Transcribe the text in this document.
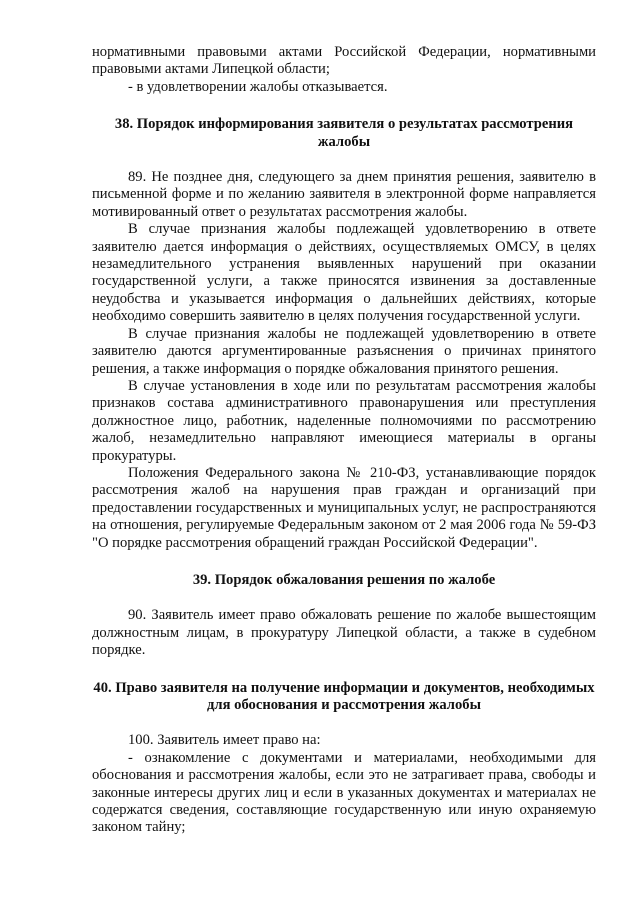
нормативными правовыми актами Российской Федерации, нормативными правовыми актами Липецкой области;

- в удовлетворении жалобы отказывается.

38. Порядок информирования заявителя о результатах рассмотрения жалобы

89. Не позднее дня, следующего за днем принятия решения, заявителю в письменной форме и по желанию заявителя в электронной форме направляется мотивированный ответ о результатах рассмотрения жалобы.

В случае признания жалобы подлежащей удовлетворению в ответе заявителю дается информация о действиях, осуществляемых ОМСУ, в целях незамедлительного устранения выявленных нарушений при оказании государственной услуги, а также приносятся извинения за доставленные неудобства и указывается информация о дальнейших действиях, которые необходимо совершить заявителю в целях получения государственной услуги.

В случае признания жалобы не подлежащей удовлетворению в ответе заявителю даются аргументированные разъяснения о причинах принятого решения, а также информация о порядке обжалования принятого решения.

В случае установления в ходе или по результатам рассмотрения жалобы признаков состава административного правонарушения или преступления должностное лицо, работник, наделенные полномочиями по рассмотрению жалоб, незамедлительно направляют имеющиеся материалы в органы прокуратуры.

Положения Федерального закона № 210-ФЗ, устанавливающие порядок рассмотрения жалоб на нарушения прав граждан и организаций при предоставлении государственных и муниципальных услуг, не распространяются на отношения, регулируемые Федеральным законом от 2 мая 2006 года № 59-ФЗ "О порядке рассмотрения обращений граждан Российской Федерации".

39. Порядок обжалования решения по жалобе

90. Заявитель имеет право обжаловать решение по жалобе вышестоящим должностным лицам, в прокуратуру Липецкой области, а также в судебном порядке.

40. Право заявителя на получение информации и документов, необходимых для обоснования и рассмотрения жалобы

100. Заявитель имеет право на:

- ознакомление с документами и материалами, необходимыми для обоснования и рассмотрения жалобы, если это не затрагивает права, свободы и законные интересы других лиц и если в указанных документах и материалах не содержатся сведения, составляющие государственную или иную охраняемую законом тайну;
